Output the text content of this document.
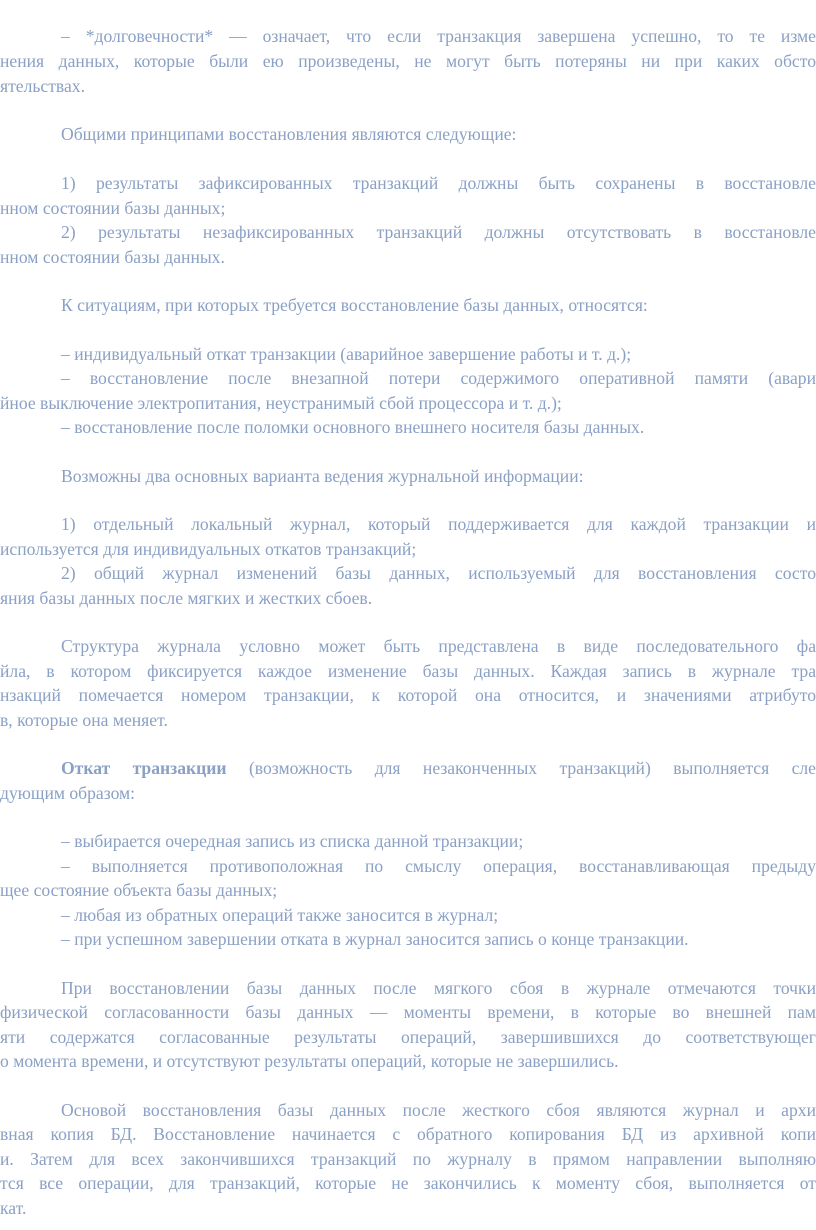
– *долговечности* — означает, что если транзакция завершена успешно, то те изме
нения данных, которые были ею произведены, не могут быть потеряны ни при каких обсто
ятельствах.
Общими принципами восстановления являются следующие:
1) результаты зафиксированных транзакций должны быть сохранены в восстановле
нном состоянии базы данных;
2) результаты незафиксированных транзакций должны отсутствовать в восстановле
нном состоянии базы данных.
К ситуациям, при которых требуется восстановление базы данных, относятся:
– индивидуальный откат транзакции (аварийное завершение работы и т. д.);
– восстановление после внезапной потери содержимого оперативной памяти (авари
йное выключение электропитания, неустранимый сбой процессора и т. д.);
– восстановление после поломки основного внешнего носителя базы данных.
Возможны два основных варианта ведения журнальной информации:
1) отдельный локальный журнал, который поддерживается для каждой транзакции и
используется для индивидуальных откатов транзакций;
2) общий журнал изменений базы данных, используемый для восстановления состо
яния базы данных после мягких и жестких сбоев.
Структура журнала условно может быть представлена в виде последовательного фа
йла, в котором фиксируется каждое изменение базы данных. Каждая запись в журнале тра
нзакций помечается номером транзакции, к которой она относится, и значениями атрибуто
в, которые она меняет.
Откат транзакции (возможность для незаконченных транзакций) выполняется сле
дующим образом:
– выбирается очередная запись из списка данной транзакции;
– выполняется противоположная по смыслу операция, восстанавливающая предыду
щее состояние объекта базы данных;
– любая из обратных операций также заносится в журнал;
– при успешном завершении отката в журнал заносится запись о конце транзакции.
При восстановлении базы данных после мягкого сбоя в журнале отмечаются точки
физической согласованности базы данных — моменты времени, в которые во внешней пам
яти содержатся согласованные результаты операций, завершившихся до соответствующег
о момента времени, и отсутствуют результаты операций, которые не завершились.
Основой восстановления базы данных после жесткого сбоя являются журнал и архи
вная копия БД. Восстановление начинается с обратного копирования БД из архивной копи
и. Затем для всех закончившихся транзакций по журналу в прямом направлении выполняю
тся все операции, для транзакций, которые не закончились к моменту сбоя, выполняется от
кат.
